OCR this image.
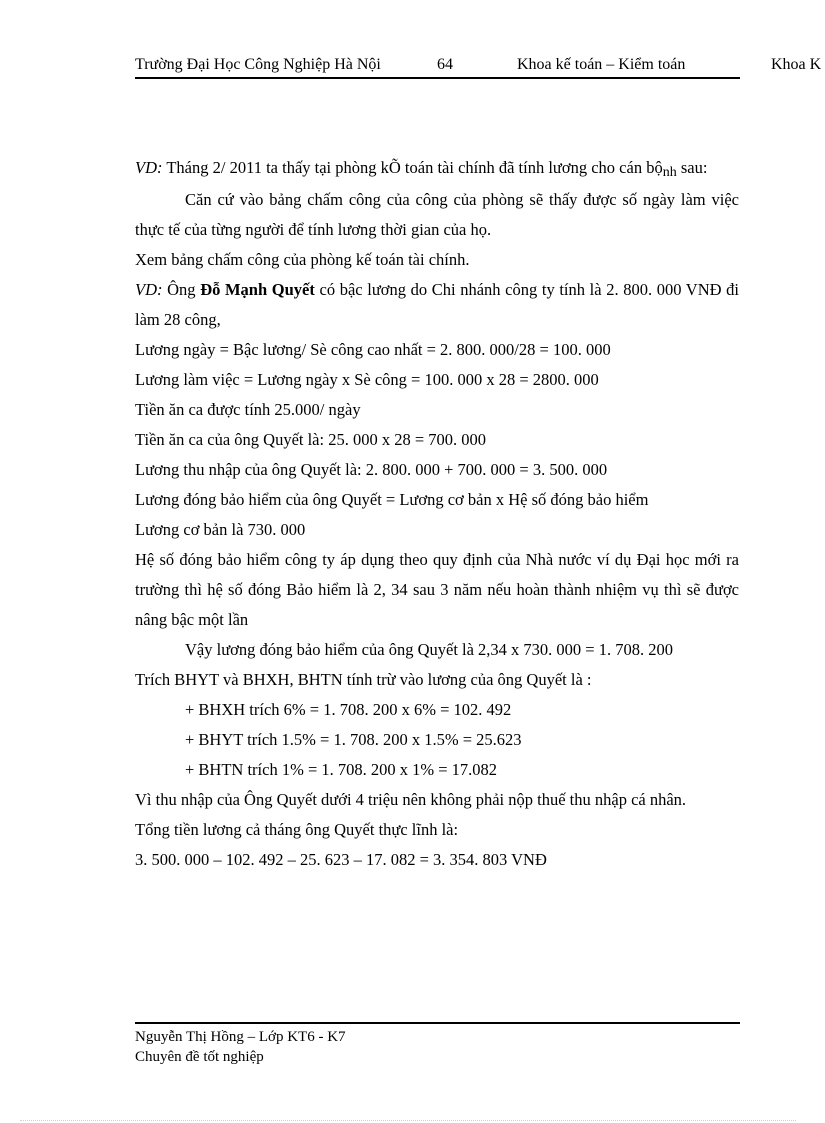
Trường Đại Học Công Nghiệp Hà Nội	64	Khoa kế toán – Kiểm toán	Khoa K

VD: Tháng 2/ 2011 ta thấy tại phòng kÕ toán tài chính đã tính lương cho cán bộnh sau:

Căn cứ vào bảng chấm công của công của phòng sẽ thấy được số ngày làm việc thực tế của từng người để tính lương thời gian của họ.

Xem bảng chấm công của phòng kế toán tài chính.

VD: Ông Đỗ Mạnh Quyết có bậc lương do Chi nhánh công ty tính là 2. 800. 000 VNĐ đi làm 28 công,

Lương ngày = Bậc lương/ Sè công cao nhất = 2. 800. 000/28 = 100. 000

Lương làm việc = Lương ngày x Sè công = 100. 000 x 28 = 2800. 000

Tiền ăn ca được tính 25.000/ ngày

Tiền ăn ca của ông Quyết là: 25. 000 x 28 = 700. 000

Lương thu nhập của ông Quyết là: 2. 800. 000 + 700. 000 = 3. 500. 000

Lương đóng bảo hiểm của ông Quyết = Lương cơ bản x Hệ số đóng bảo hiểm

Lương cơ bản là 730. 000

Hệ số đóng bảo hiểm công ty áp dụng theo quy định của Nhà nước ví dụ Đại học mới ra trường thì hệ số đóng Bảo hiểm là 2, 34 sau 3 năm nếu hoàn thành nhiệm vụ thì sẽ được nâng bậc một lần

Vậy lương đóng bảo hiểm của ông Quyết là 2,34 x 730. 000 = 1. 708. 200

Trích BHYT và BHXH, BHTN tính trừ vào lương của ông Quyết là :

+ BHXH trích 6% = 1. 708. 200 x 6% = 102. 492

+ BHYT trích 1.5% = 1. 708. 200 x 1.5% = 25.623

+ BHTN trích 1% = 1. 708. 200 x 1% = 17.082

Vì thu nhập của Ông Quyết dưới 4 triệu nên không phải nộp thuế thu nhập cá nhân.

Tổng tiền lương cả tháng ông Quyết thực lĩnh là:

3. 500. 000 – 102. 492 – 25. 623 – 17. 082 = 3. 354. 803 VNĐ

Nguyễn Thị Hồng – Lớp KT6 - K7
Chuyên đề tốt nghiệp
